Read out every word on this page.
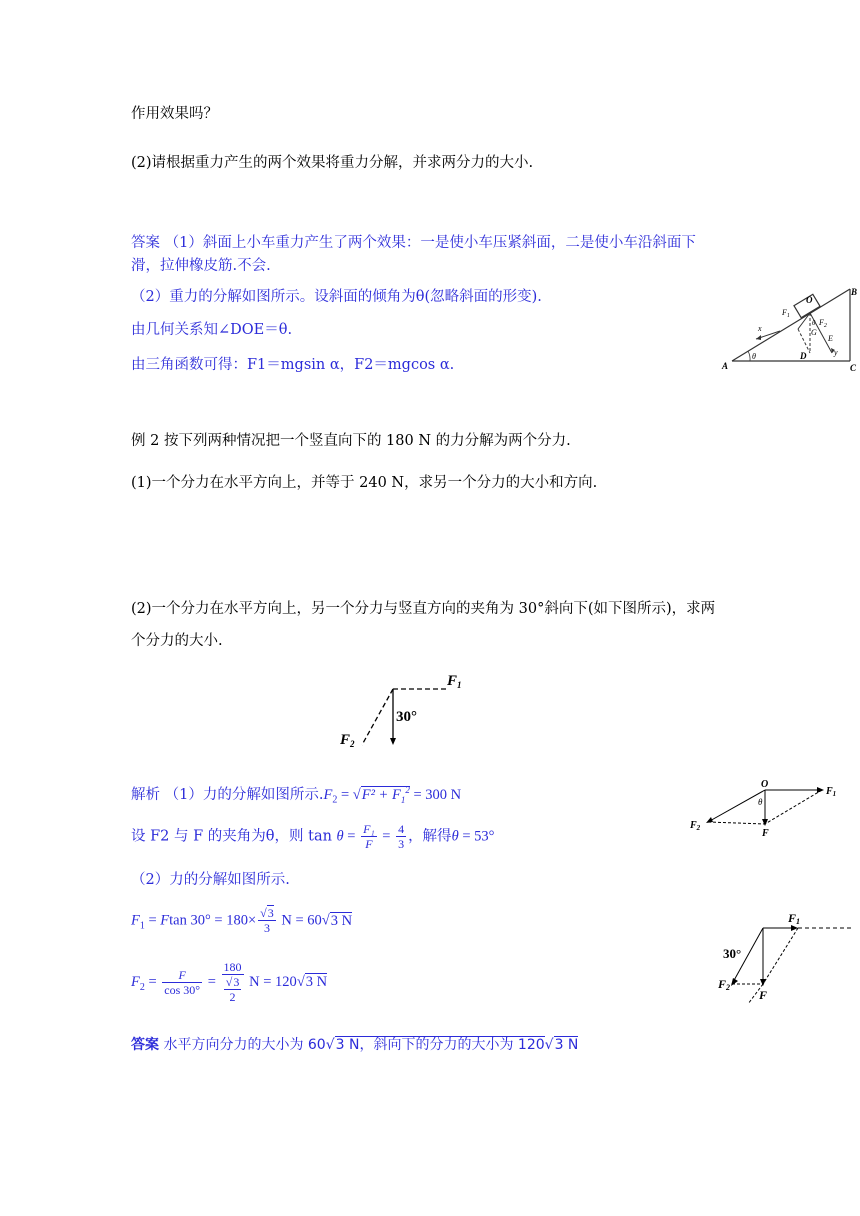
作用效果吗？
(2)请根据重力产生的两个效果将重力分解，并求两分力的大小.
答案 （1）斜面上小车重力产生了两个效果：一是使小车压紧斜面，二是使小车沿斜面下
滑，拉伸橡皮筋.不会.
（2）重力的分解如图所示。设斜面的倾角为θ(忽略斜面的形变).
由几何关系知∠DOE＝θ.
由三角函数可得：F1＝mgsin α，F2＝mgcos α.	A
B
C
D
E
O
G
x
y
$F_1$
$F_2$
θ
θ
例 2 按下列两种情况把一个竖直向下的 180 N 的力分解为两个分力.
(1)一个分力在水平方向上，并等于 240 N，求另一个分力的大小和方向.
(2)一个分力在水平方向上，另一个分力与竖直方向的夹角为 30°斜向下(如下图所示)，求两
个分力的大小.
$F_1$
$F_2$
30°
解析 （1）力的分解如图所示$.F_2 = √F^2 + F_1^2 = 300$ N
设 F2 与 F 的夹角为θ，则 $\tan \theta = \frac{\text{F₁}}{F} = \frac{4}{3}$ ，解得θ = 53°
O
θ
$F_1$
$F_2$	F
（2）力的分解如图所示.
$F_1 = Ftan$ $30^\circ = 180\times \frac{√3}{3}$ N = 60√3 N
$F_2 = \frac{F}{\cos 30^\circ} = \frac{180}{\frac{√3}{2}}$ N = 120√3 N
30°
F1
F2
F
答案 水平方向分力的大小为 60√3 N，斜向下的分力的大小为 120√3 N
